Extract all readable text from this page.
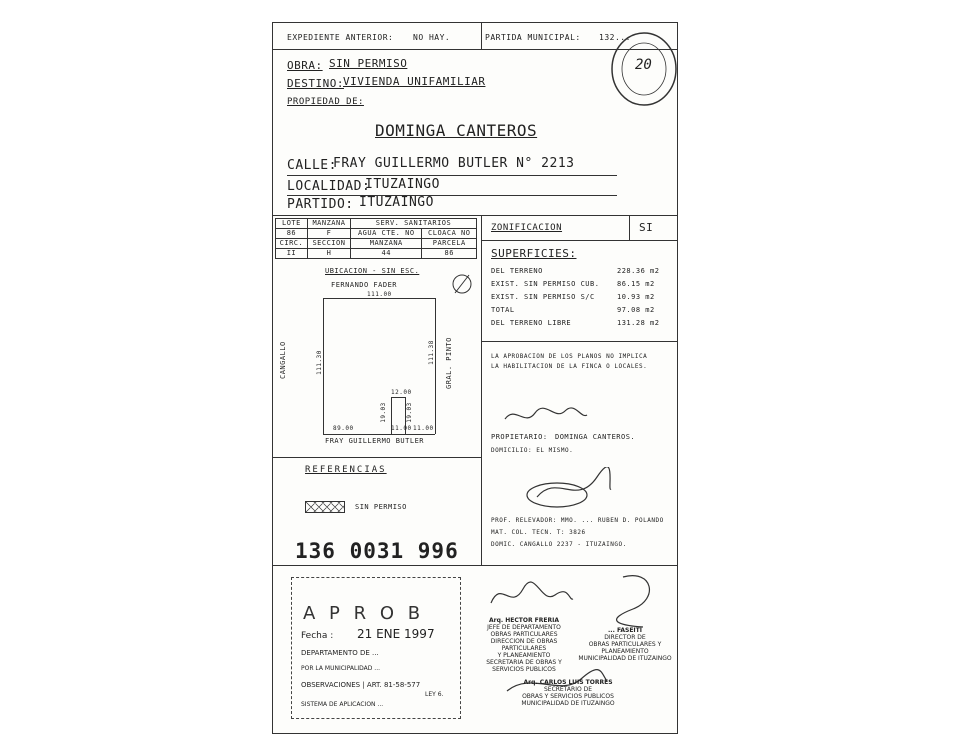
EXPEDIENTE ANTERIOR: NO HAY.	PARTIDA MUNICIPAL: 132...
20
OBRA: SIN PERMISO
DESTINO: VIVIENDA UNIFAMILIAR
PROPIEDAD DE:
DOMINGA CANTEROS
CALLE:
FRAY GUILLERMO BUTLER N° 2213
LOCALIDAD:
ITUZAINGO
PARTIDO: ITUZAINGO
LOTE	MANZANA	SERV. SANITARIOS	
86	F	AGUA CTE. NO	CLOACA NO
CIRC.	SECCION	MANZANA	PARCELA
II	H	44	86
ZONIFICACION	SI
SUPERFICIES:
LA APROBACION DE LOS PLANOS NO IMPLICA
LA HABILITACION DE LA FINCA O LOCALES.
UBICACION - SIN ESC.
FERNANDO FADER
111.00
12.00
19.03	19.03
111.30	111.38
CANGALLO	GRAL. PINTO
89.00	11.00 11.00
FRAY GUILLERMO BUTLER	PROPIETARIO: DOMINGA CANTEROS.
DOMICILIO: EL MISMO.
PROF. RELEVADOR: MMO. ... RUBEN D. POLANDO
MAT. COL. TECN. T: 3826
DOMIC. CANGALLO 2237 - ITUZAINGO.
REFERENCIAS
SIN PERMISO
136 0031 996
A P R O B
Fecha : 21 ENE 1997
DEPARTAMENTO DE ...
POR LA MUNICIPALIDAD ...
OBSERVACIONES | ART. 81-58-577
LEY 6.
SISTEMA DE APLICACION ...
Arq. HECTOR FRERIA
JEFE DE DEPARTAMENTO
OBRAS PARTICULARES
DIRECCION DE OBRAS PARTICULARES
Y PLANEAMIENTO
SECRETARIA DE OBRAS Y
SERVICIOS PUBLICOS
... FASEITI
DIRECTOR DE
OBRAS PARTICULARES Y
PLANEAMIENTO
MUNICIPALIDAD DE ITUZAINGO
Arq. CARLOS LUIS TORRES
SECRETARIO DE
OBRAS Y SERVICIOS PUBLICOS
MUNICIPALIDAD DE ITUZAINGO
DEL TERRENO	228.36 m2
EXIST. SIN PERMISO CUB.	86.15 m2
EXIST. SIN PERMISO S/C	10.93 m2
TOTAL	97.08 m2
DEL TERRENO LIBRE	131.28 m2
